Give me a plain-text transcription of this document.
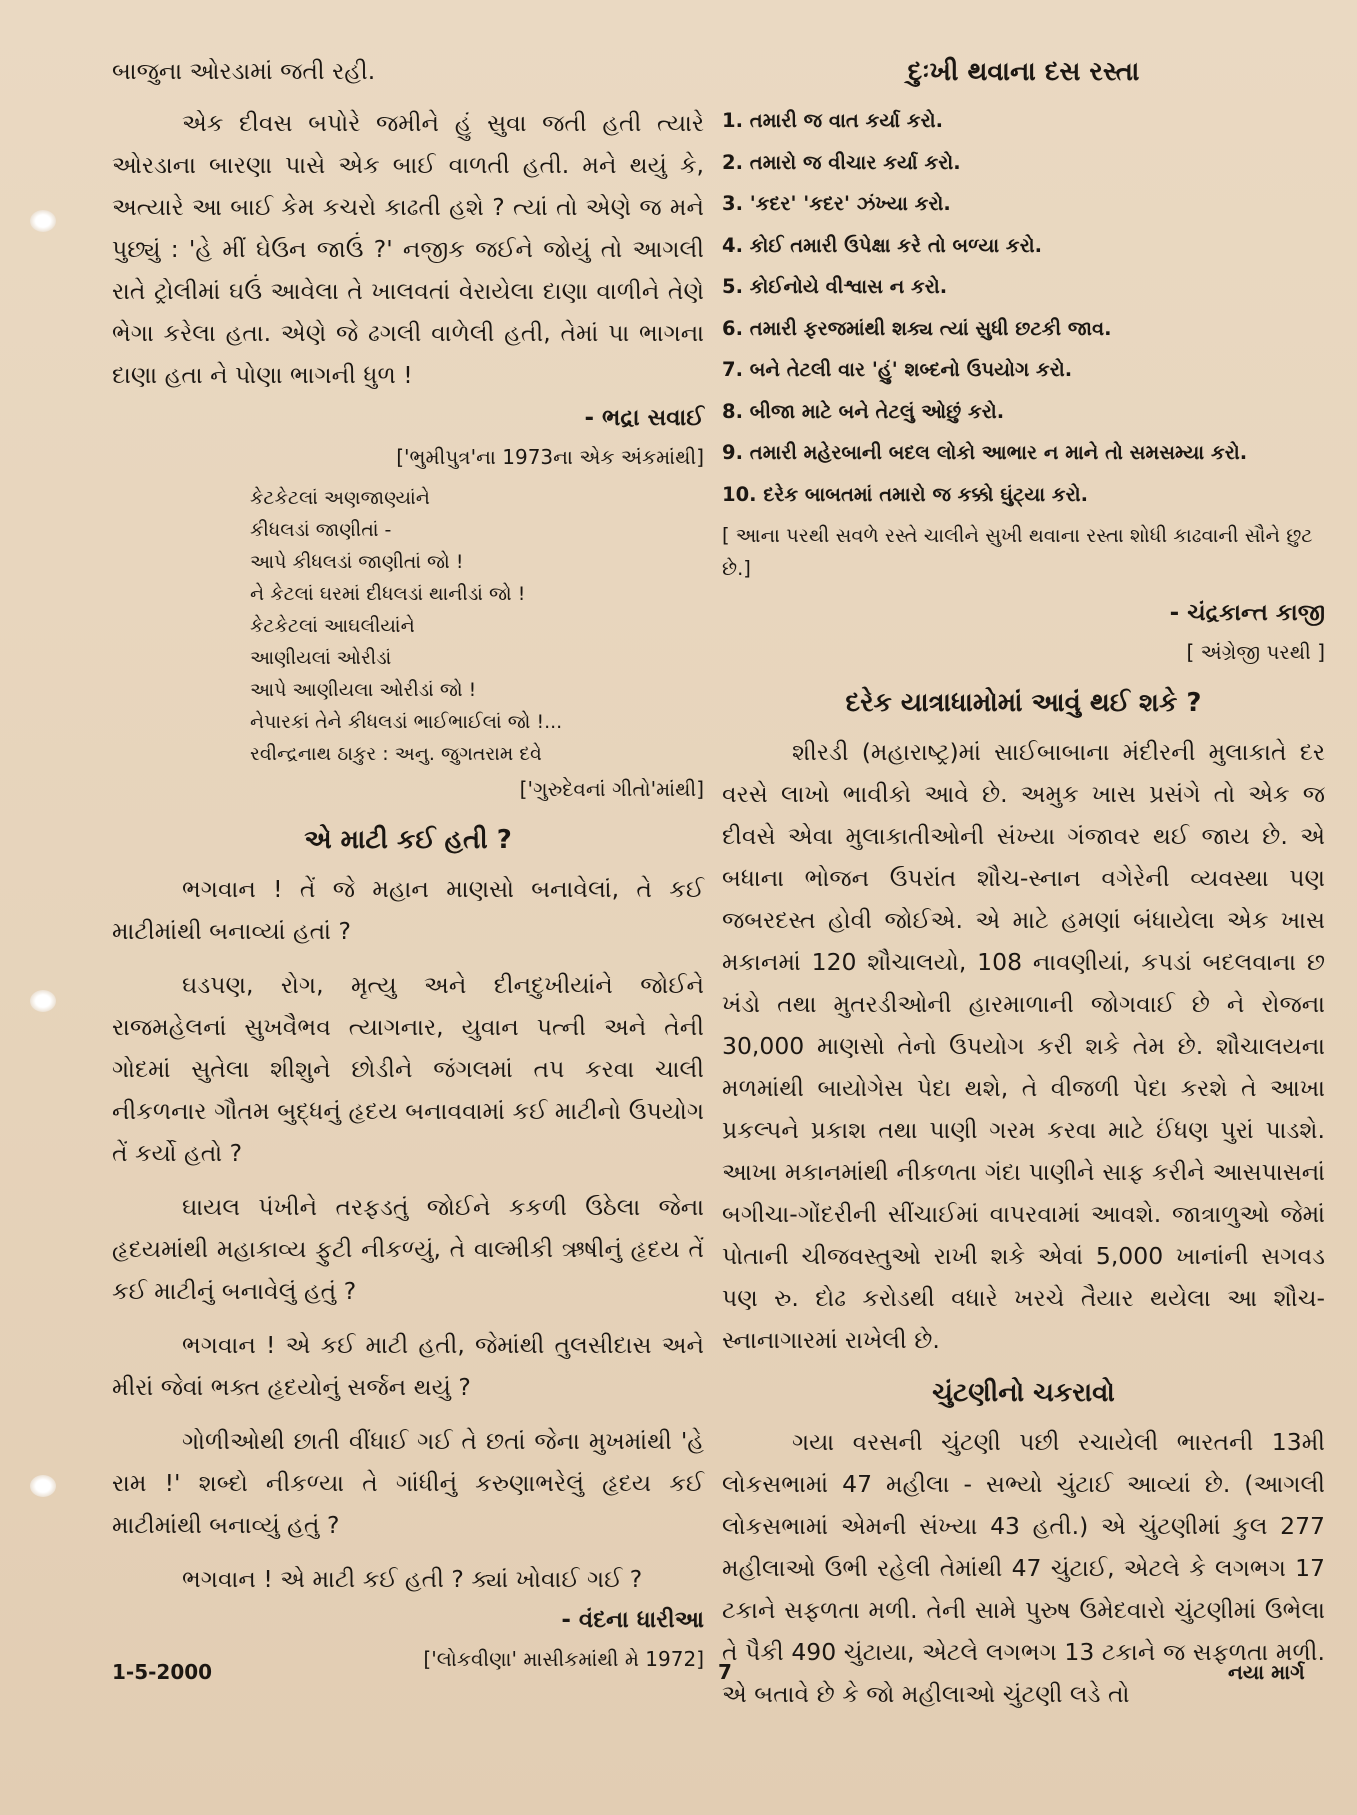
બાજુના ઓરડામાં જતી રહી.

એક દીવસ બપોરે જમીને હું સુવા જતી હતી ત્યારે ઓરડાના બારણા પાસે એક બાઈ વાળતી હતી. મને થયું કે, અત્યારે આ બાઈ કેમ કચરો કાઢતી હશે ? ત્યાં તો એણે જ મને પુછ્યું : 'હે મીં ઘેઉન જાઉં ?' નજીક જઈને જોયું તો આગલી રાતે ટ્રોલીમાં ઘઉં આવેલા તે ખાલવતાં વેરાયેલા દાણા વાળીને તેણે ભેગા કરેલા હતા. એણે જે ઢગલી વાળેલી હતી, તેમાં પા ભાગના દાણા હતા ને પોણા ભાગની ધુળ !

- ભદ્રા સવાઈ

['ભુમીપુત્ર'ના 1973ના એક અંકમાંથી]

કેટકેટલાં અણજાણ્યાંને

કીધલડાં જાણીતાં -

આપે કીધલડાં જાણીતાં જો !

ને કેટલાં ઘરમાં દીધલડાં થાનીડાં જો !

કેટકેટલાં આઘલીયાંને

આણીયલાં ઓરીડાં

આપે આણીયલા ઓરીડાં જો !

નેપારકાં તેને કીધલડાં ભાઈભાઈલાં જો !...

રવીન્દ્રનાથ ઠાકુર : અનુ. જુગતરામ દવે

['ગુરુદેવનાં ગીતો'માંથી]

એ માટી કઈ હતી ?

ભગવાન ! તેં જે મહાન માણસો બનાવેલાં, તે કઈ માટીમાંથી બનાવ્યાં હતાં ?

ઘડપણ, રોગ, મૃત્યુ અને દીનદુખીયાંને જોઈને રાજમહેલનાં સુખવૈભવ ત્યાગનાર, યુવાન પત્ની અને તેની ગોદમાં સુતેલા શીશુને છોડીને જંગલમાં તપ કરવા ચાલી નીકળનાર ગૌતમ બુદ્ધનું હૃદય બનાવવામાં કઈ માટીનો ઉપયોગ તેં કર્યો હતો ?

ઘાયલ પંખીને તરફડતું જોઈને કકળી ઉઠેલા જેના હૃદયમાંથી મહાકાવ્ય ફુટી નીકળ્યું, તે વાલ્મીકી ઋષીનું હૃદય તેં કઈ માટીનું બનાવેલું હતું ?

ભગવાન ! એ કઈ માટી હતી, જેમાંથી તુલસીદાસ અને મીરાં જેવાં ભક્ત હૃદયોનું સર્જન થયું ?

ગોળીઓથી છાતી વીંધાઈ ગઈ તે છતાં જેના મુખમાંથી 'હે રામ !' શબ્દો નીકળ્યા તે ગાંધીનું કરુણાભરેલું હૃદય કઈ માટીમાંથી બનાવ્યું હતું ?

ભગવાન ! એ માટી કઈ હતી ? ક્યાં ખોવાઈ ગઈ ?

- વંદના ધારીઆ

['લોકવીણા' માસીકમાંથી મે 1972]

દુઃખી થવાના દસ રસ્તા

1. તમારી જ વાત કર્યા કરો.

2. તમારો જ વીચાર કર્યા કરો.

3. 'કદર' 'કદર' ઝંખ્યા કરો.

4. કોઈ તમારી ઉપેક્ષા કરે તો બળ્યા કરો.

5. કોઈનોયે વીશ્વાસ ન કરો.

6. તમારી ફરજમાંથી શક્ય ત્યાં સુધી છટકી જાવ.

7. બને તેટલી વાર 'હું' શબ્દનો ઉપયોગ કરો.

8. બીજા માટે બને તેટલું ઓછું કરો.

9. તમારી મહેરબાની બદલ લોકો આભાર ન માને તો સમસમ્યા કરો.

10. દરેક બાબતમાં તમારો જ કક્કો ઘુંટ્યા કરો.

[ આના પરથી સવળે રસ્તે ચાલીને સુખી થવાના રસ્તા શોધી કાઢવાની સૌને છુટ છે.]

- ચંદ્રકાન્ત કાજી

[ અંગ્રેજી પરથી ]

દરેક યાત્રાધામોમાં આવું થઈ શકે ?

શીરડી (મહારાષ્ટ્ર)માં સાઈબાબાના મંદીરની મુલાકાતે દર વરસે લાખો ભાવીકો આવે છે. અમુક ખાસ પ્રસંગે તો એક જ દીવસે એવા મુલાકાતીઓની સંખ્યા ગંજાવર થઈ જાય છે. એ બધાના ભોજન ઉપરાંત શૌચ-સ્નાન વગેરેની વ્યવસ્થા પણ જબરદસ્ત હોવી જોઈએ. એ માટે હમણાં બંધાયેલા એક ખાસ મકાનમાં 120 શૌચાલયો, 108 નાવણીયાં, કપડાં બદલવાના છ ખંડો તથા મુતરડીઓની હારમાળાની જોગવાઈ છે ને રોજના 30,000 માણસો તેનો ઉપયોગ કરી શકે તેમ છે. શૌચાલયના મળમાંથી બાયોગેસ પેદા થશે, તે વીજળી પેદા કરશે તે આખા પ્રકલ્પને પ્રકાશ તથા પાણી ગરમ કરવા માટે ઈંધણ પુરાં પાડશે. આખા મકાનમાંથી નીકળતા ગંદા પાણીને સાફ કરીને આસપાસનાં બગીચા-ગોંદરીની સીંચાઈમાં વાપરવામાં આવશે. જાત્રાળુઓ જેમાં પોતાની ચીજવસ્તુઓ રાખી શકે એવાં 5,000 ખાનાંની સગવડ પણ રુ. દોઢ કરોડથી વધારે ખરચે તૈયાર થયેલા આ શૌચ-સ્નાનાગારમાં રાખેલી છે.

ચુંટણીનો ચકરાવો

ગયા વરસની ચુંટણી પછી રચાયેલી ભારતની 13મી લોકસભામાં 47 મહીલા - સભ્યો ચુંટાઈ આવ્યાં છે. (આગલી લોકસભામાં એમની સંખ્યા 43 હતી.) એ ચુંટણીમાં કુલ 277 મહીલાઓ ઉભી રહેલી તેમાંથી 47 ચુંટાઈ, એટલે કે લગભગ 17 ટકાને સફળતા મળી. તેની સામે પુરુષ ઉમેદવારો ચુંટણીમાં ઉભેલા તે પૈકી 490 ચુંટાયા, એટલે લગભગ 13 ટકાને જ સફળતા મળી. એ બતાવે છે કે જો મહીલાઓ ચુંટણી લડે તો

1-5-2000	7	નયા માર્ગ
